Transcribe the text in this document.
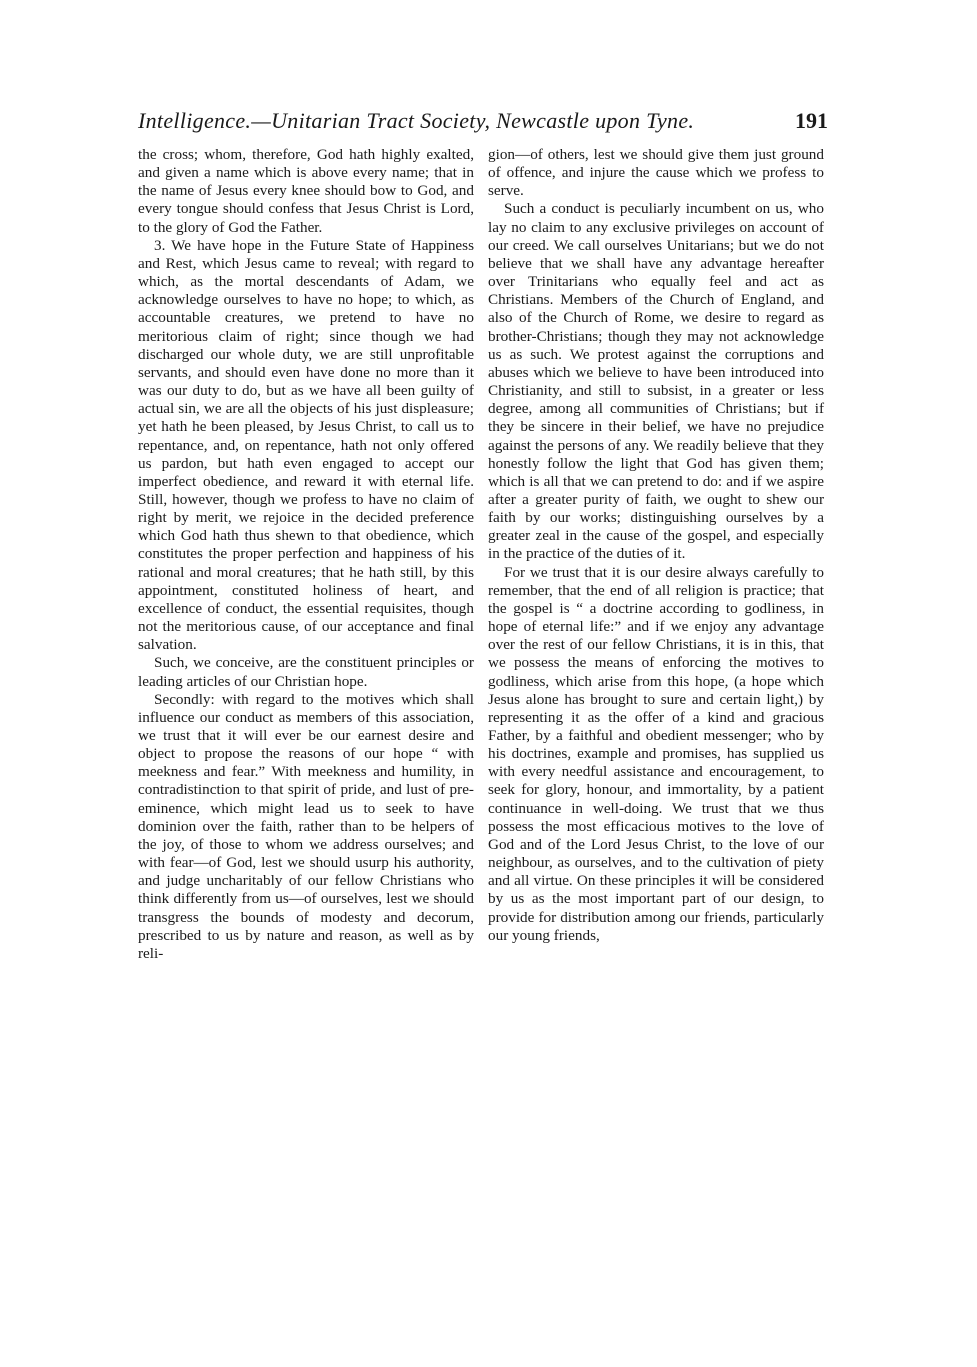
Intelligence.—Unitarian Tract Society, Newcastle upon Tyne.	191

the cross; whom, therefore, God hath highly exalted, and given a name which is above every name; that in the name of Jesus every knee should bow to God, and every tongue should confess that Jesus Christ is Lord, to the glory of God the Father.

3. We have hope in the Future State of Happiness and Rest, which Jesus came to reveal; with regard to which, as the mortal descendants of Adam, we acknowledge ourselves to have no hope; to which, as accountable creatures, we pretend to have no meritorious claim of right; since though we had discharged our whole duty, we are still unprofitable servants, and should even have done no more than it was our duty to do, but as we have all been guilty of actual sin, we are all the objects of his just displeasure; yet hath he been pleased, by Jesus Christ, to call us to repentance, and, on repentance, hath not only offered us pardon, but hath even engaged to accept our imperfect obedience, and reward it with eternal life. Still, however, though we profess to have no claim of right by merit, we rejoice in the decided preference which God hath thus shewn to that obedience, which constitutes the proper perfection and happiness of his rational and moral creatures; that he hath still, by this appointment, constituted holiness of heart, and excellence of conduct, the essential requisites, though not the meritorious cause, of our acceptance and final salvation.

Such, we conceive, are the constituent principles or leading articles of our Christian hope.

Secondly: with regard to the motives which shall influence our conduct as members of this association, we trust that it will ever be our earnest desire and object to propose the reasons of our hope “ with meekness and fear.” With meekness and humility, in contradistinction to that spirit of pride, and lust of pre-eminence, which might lead us to seek to have dominion over the faith, rather than to be helpers of the joy, of those to whom we address ourselves; and with fear—of God, lest we should usurp his authority, and judge uncharitably of our fellow Christians who think differently from us—of ourselves, lest we should transgress the bounds of modesty and decorum, prescribed to us by nature and reason, as well as by reli-

gion—of others, lest we should give them just ground of offence, and injure the cause which we profess to serve.

Such a conduct is peculiarly incumbent on us, who lay no claim to any exclusive privileges on account of our creed. We call ourselves Unitarians; but we do not believe that we shall have any advantage hereafter over Trinitarians who equally feel and act as Christians. Members of the Church of England, and also of the Church of Rome, we desire to regard as brother-Christians; though they may not acknowledge us as such. We protest against the corruptions and abuses which we believe to have been introduced into Christianity, and still to subsist, in a greater or less degree, among all communities of Christians; but if they be sincere in their belief, we have no prejudice against the persons of any. We readily believe that they honestly follow the light that God has given them; which is all that we can pretend to do: and if we aspire after a greater purity of faith, we ought to shew our faith by our works; distinguishing ourselves by a greater zeal in the cause of the gospel, and especially in the practice of the duties of it.

For we trust that it is our desire always carefully to remember, that the end of all religion is practice; that the gospel is “ a doctrine according to godliness, in hope of eternal life:” and if we enjoy any advantage over the rest of our fellow Christians, it is in this, that we possess the means of enforcing the motives to godliness, which arise from this hope, (a hope which Jesus alone has brought to sure and certain light,) by representing it as the offer of a kind and gracious Father, by a faithful and obedient messenger; who by his doctrines, example and promises, has supplied us with every needful assistance and encouragement, to seek for glory, honour, and immortality, by a patient continuance in well-doing. We trust that we thus possess the most efficacious motives to the love of God and of the Lord Jesus Christ, to the love of our neighbour, as ourselves, and to the cultivation of piety and all virtue. On these principles it will be considered by us as the most important part of our design, to provide for distribution among our friends, particularly our young friends,
